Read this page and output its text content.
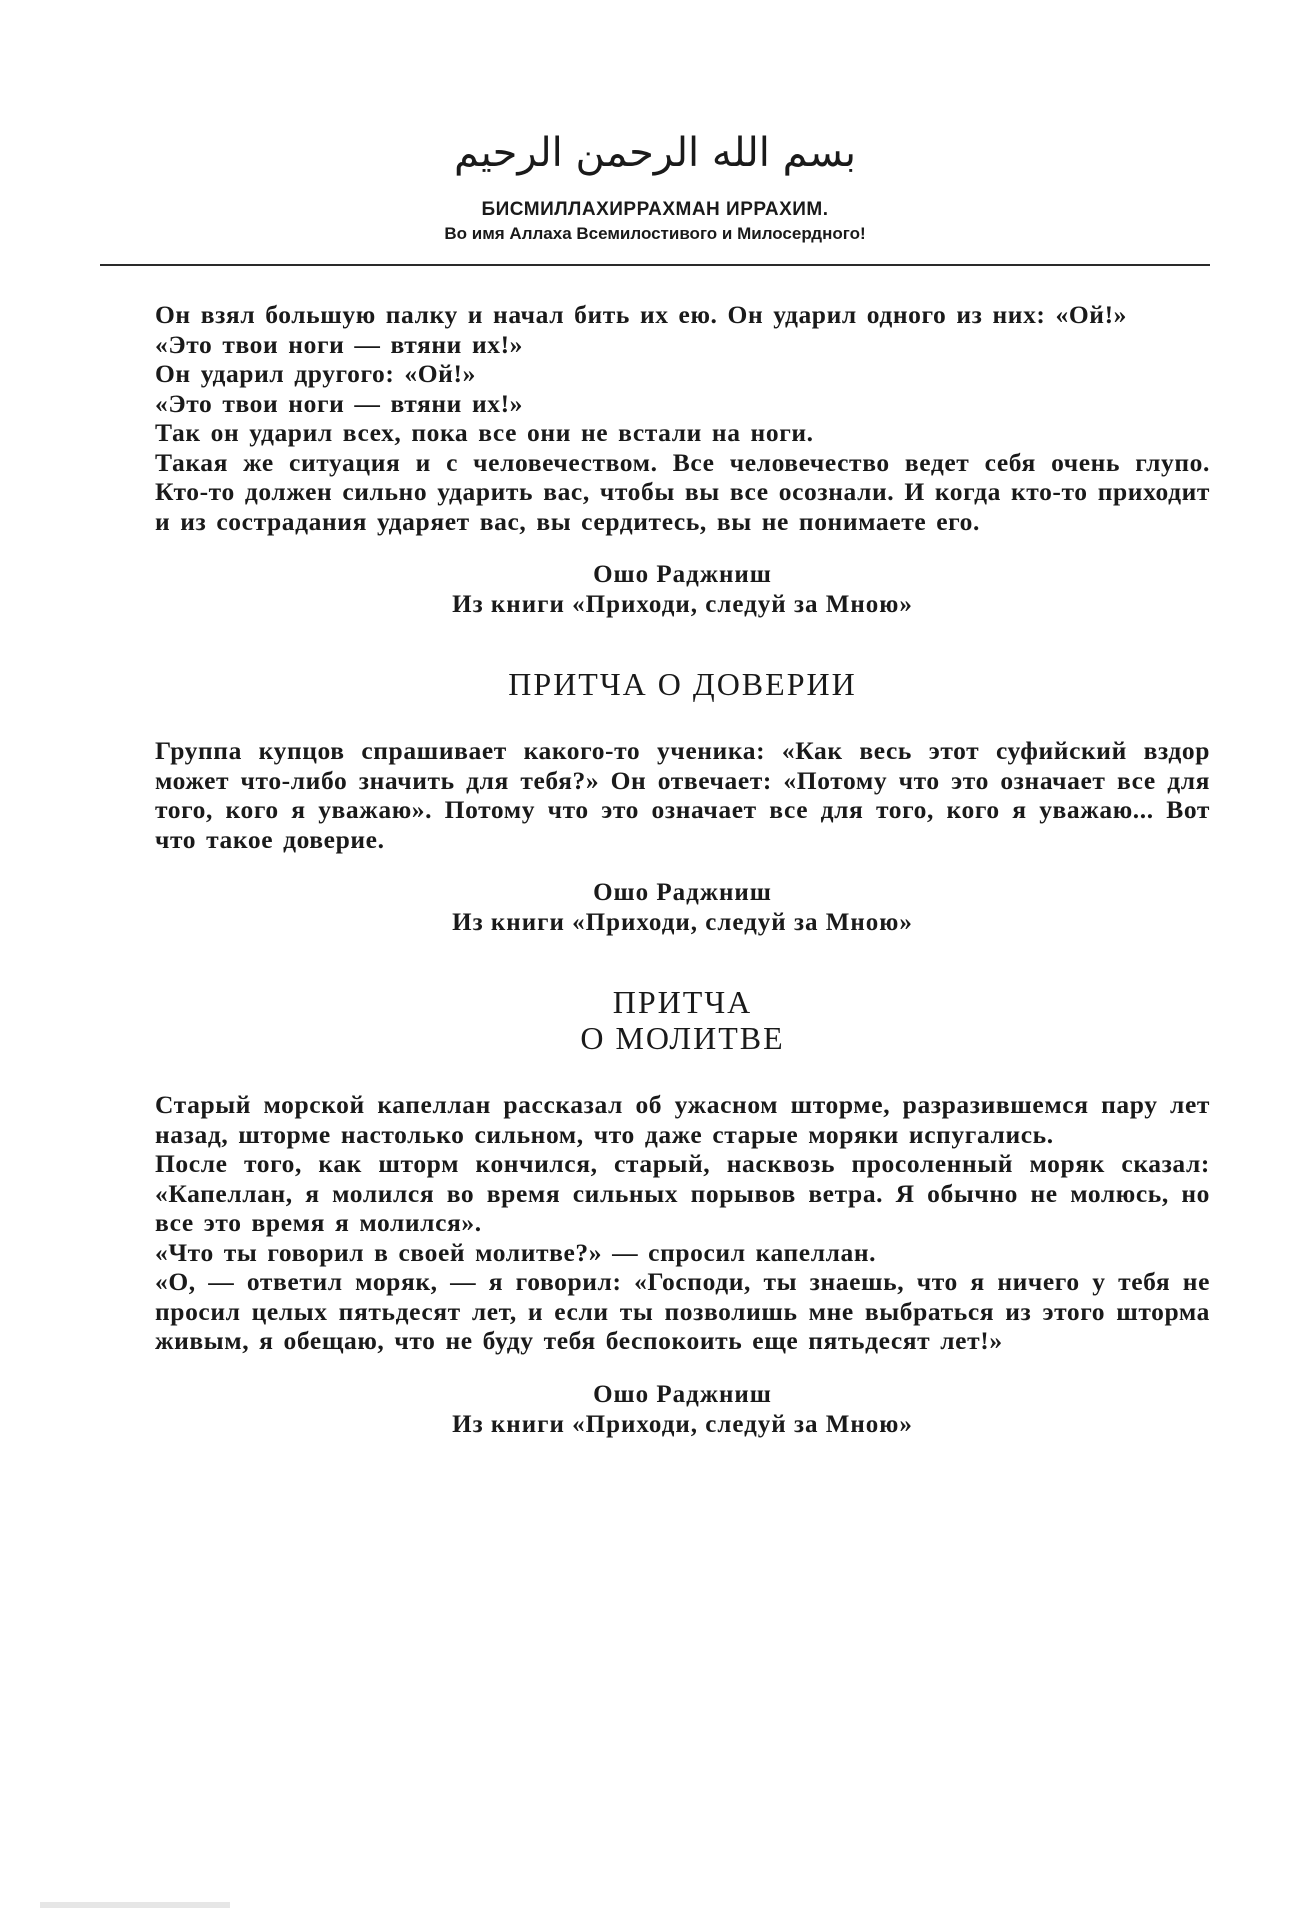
بسم الله الرحمن الرحيم
БИСМИЛЛАХИРРАХМАН ИРРАХИМ.
Во имя Аллаха Всемилостивого и Милосердного!

Он взял большую палку и начал бить их ею. Он ударил одного из них: «Ой!»

«Это твои ноги — втяни их!»

Он ударил другого: «Ой!»

«Это твои ноги — втяни их!»

Так он ударил всех, пока все они не встали на ноги.

Такая же ситуация и с человечеством. Все человечество ведет себя очень глупо. Кто-то должен сильно ударить вас, чтобы вы все осознали. И когда кто-то приходит и из сострадания ударяет вас, вы сердитесь, вы не понимаете его.

Ошо Раджниш

Из книги «Приходи, следуй за Мною»

ПРИТЧА О ДОВЕРИИ

Группа купцов спрашивает какого-то ученика: «Как весь этот суфийский вздор может что-либо значить для тебя?» Он отвечает: «Потому что это означает все для того, кого я уважаю». Потому что это означает все для того, кого я уважаю... Вот что такое доверие.

Ошо Раджниш

Из книги «Приходи, следуй за Мною»

ПРИТЧА
О МОЛИТВЕ

Старый морской капеллан рассказал об ужасном шторме, разразившемся пару лет назад, шторме настолько сильном, что даже старые моряки испугались.

После того, как шторм кончился, старый, насквозь просоленный моряк сказал: «Капеллан, я молился во время сильных порывов ветра. Я обычно не молюсь, но все это время я молился».

«Что ты говорил в своей молитве?» — спросил капеллан.

«О, — ответил моряк, — я говорил: «Господи, ты знаешь, что я ничего у тебя не просил целых пятьдесят лет, и если ты позволишь мне выбраться из этого шторма живым, я обещаю, что не буду тебя беспокоить еще пятьдесят лет!»

Ошо Раджниш

Из книги «Приходи, следуй за Мною»
